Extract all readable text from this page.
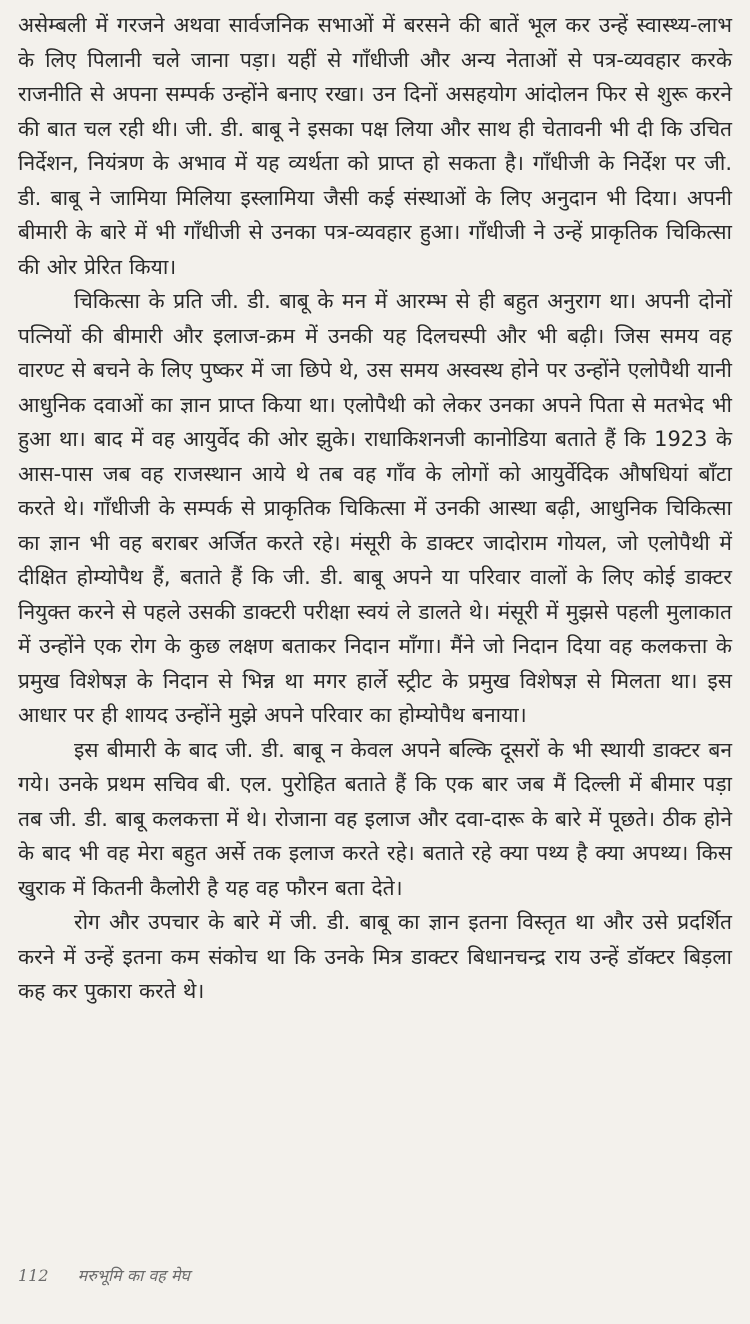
असेम्बली में गरजने अथवा सार्वजनिक सभाओं में बरसने की बातें भूल कर उन्हें स्वास्थ्य-लाभ के लिए पिलानी चले जाना पड़ा। यहीं से गाँधीजी और अन्य नेताओं से पत्र-व्यवहार करके राजनीति से अपना सम्पर्क उन्होंने बनाए रखा। उन दिनों असहयोग आंदोलन फिर से शुरू करने की बात चल रही थी। जी. डी. बाबू ने इसका पक्ष लिया और साथ ही चेतावनी भी दी कि उचित निर्देशन, नियंत्रण के अभाव में यह व्यर्थता को प्राप्त हो सकता है। गाँधीजी के निर्देश पर जी. डी. बाबू ने जामिया मिलिया इस्लामिया जैसी कई संस्थाओं के लिए अनुदान भी दिया। अपनी बीमारी के बारे में भी गाँधीजी से उनका पत्र-व्यवहार हुआ। गाँधीजी ने उन्हें प्राकृतिक चिकित्सा की ओर प्रेरित किया।

चिकित्सा के प्रति जी. डी. बाबू के मन में आरम्भ से ही बहुत अनुराग था। अपनी दोनों पत्नियों की बीमारी और इलाज-क्रम में उनकी यह दिलचस्पी और भी बढ़ी। जिस समय वह वारण्ट से बचने के लिए पुष्कर में जा छिपे थे, उस समय अस्वस्थ होने पर उन्होंने एलोपैथी यानी आधुनिक दवाओं का ज्ञान प्राप्त किया था। एलोपैथी को लेकर उनका अपने पिता से मतभेद भी हुआ था। बाद में वह आयुर्वेद की ओर झुके। राधाकिशनजी कानोडिया बताते हैं कि 1923 के आस-पास जब वह राजस्थान आये थे तब वह गाँव के लोगों को आयुर्वेदिक औषधियां बाँटा करते थे। गाँधीजी के सम्पर्क से प्राकृतिक चिकित्सा में उनकी आस्था बढ़ी, आधुनिक चिकित्सा का ज्ञान भी वह बराबर अर्जित करते रहे। मंसूरी के डाक्टर जादोराम गोयल, जो एलोपैथी में दीक्षित होम्योपैथ हैं, बताते हैं कि जी. डी. बाबू अपने या परिवार वालों के लिए कोई डाक्टर नियुक्त करने से पहले उसकी डाक्टरी परीक्षा स्वयं ले डालते थे। मंसूरी में मुझसे पहली मुलाकात में उन्होंने एक रोग के कुछ लक्षण बताकर निदान माँगा। मैंने जो निदान दिया वह कलकत्ता के प्रमुख विशेषज्ञ के निदान से भिन्न था मगर हार्ले स्ट्रीट के प्रमुख विशेषज्ञ से मिलता था। इस आधार पर ही शायद उन्होंने मुझे अपने परिवार का होम्योपैथ बनाया।

इस बीमारी के बाद जी. डी. बाबू न केवल अपने बल्कि दूसरों के भी स्थायी डाक्टर बन गये। उनके प्रथम सचिव बी. एल. पुरोहित बताते हैं कि एक बार जब मैं दिल्ली में बीमार पड़ा तब जी. डी. बाबू कलकत्ता में थे। रोजाना वह इलाज और दवा-दारू के बारे में पूछते। ठीक होने के बाद भी वह मेरा बहुत अर्से तक इलाज करते रहे। बताते रहे क्या पथ्य है क्या अपथ्य। किस खुराक में कितनी कैलोरी है यह वह फौरन बता देते।

रोग और उपचार के बारे में जी. डी. बाबू का ज्ञान इतना विस्तृत था और उसे प्रदर्शित करने में उन्हें इतना कम संकोच था कि उनके मित्र डाक्टर बिधानचन्द्र राय उन्हें डॉक्टर बिड़ला कह कर पुकारा करते थे।

112 मरुभूमि का वह मेघ
